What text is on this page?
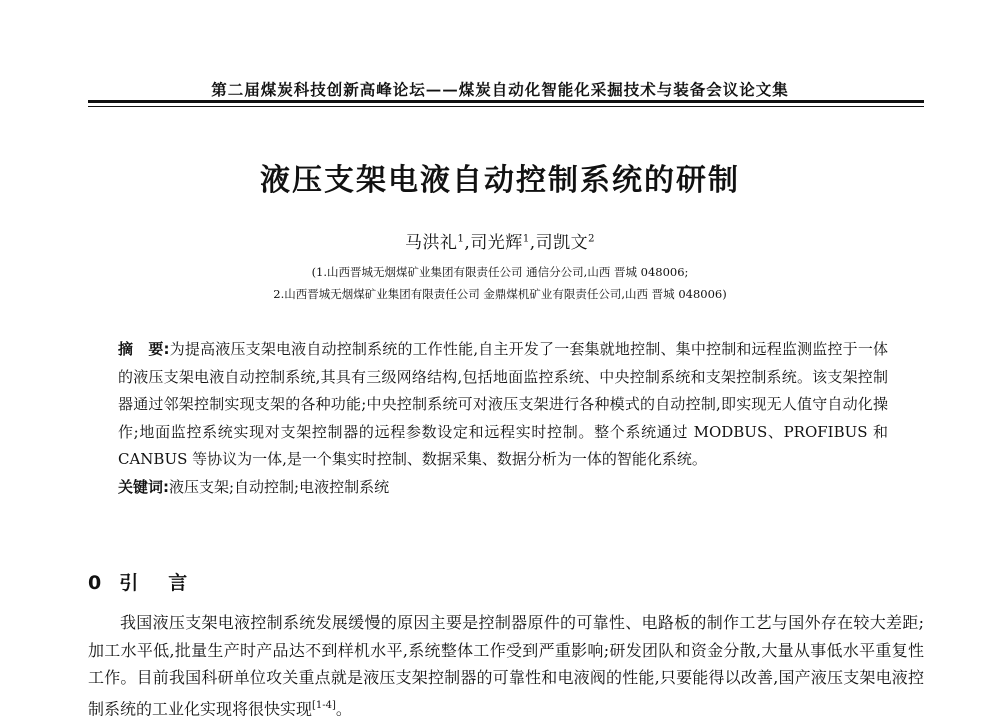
第二届煤炭科技创新高峰论坛——煤炭自动化智能化采掘技术与装备会议论文集
液压支架电液自动控制系统的研制
马洪礼$^1$,司光辉$^1$,司凯文$^2$
(1.山西晋城无烟煤矿业集团有限责任公司 通信分公司,山西 晋城 048006;
2.山西晋城无烟煤矿业集团有限责任公司 金鼎煤机矿业有限责任公司,山西 晋城 048006)

摘　要:为提高液压支架电液自动控制系统的工作性能,自主开发了一套集就地控制、集中控制和远程监测监控于一体的液压支架电液自动控制系统,其具有三级网络结构,包括地面监控系统、中央控制系统和支架控制系统。该支架控制器通过邻架控制实现支架的各种功能;中央控制系统可对液压支架进行各种模式的自动控制,即实现无人值守自动化操作;地面监控系统实现对支架控制器的远程参数设定和远程实时控制。整个系统通过 MODBUS、PROFIBUS 和 CANBUS 等协议为一体,是一个集实时控制、数据采集、数据分析为一体的智能化系统。

关键词:液压支架;自动控制;电液控制系统

0 引言

我国液压支架电液控制系统发展缓慢的原因主要是控制器原件的可靠性、电路板的制作工艺与国外存在较大差距;加工水平低,批量生产时产品达不到样机水平,系统整体工作受到严重影响;研发团队和资金分散,大量从事低水平重复性工作。目前我国科研单位攻关重点就是液压支架控制器的可靠性和电液阀的性能,只要能得以改善,国产液压支架电液控制系统的工业化实现将很快实现[1-4]。
